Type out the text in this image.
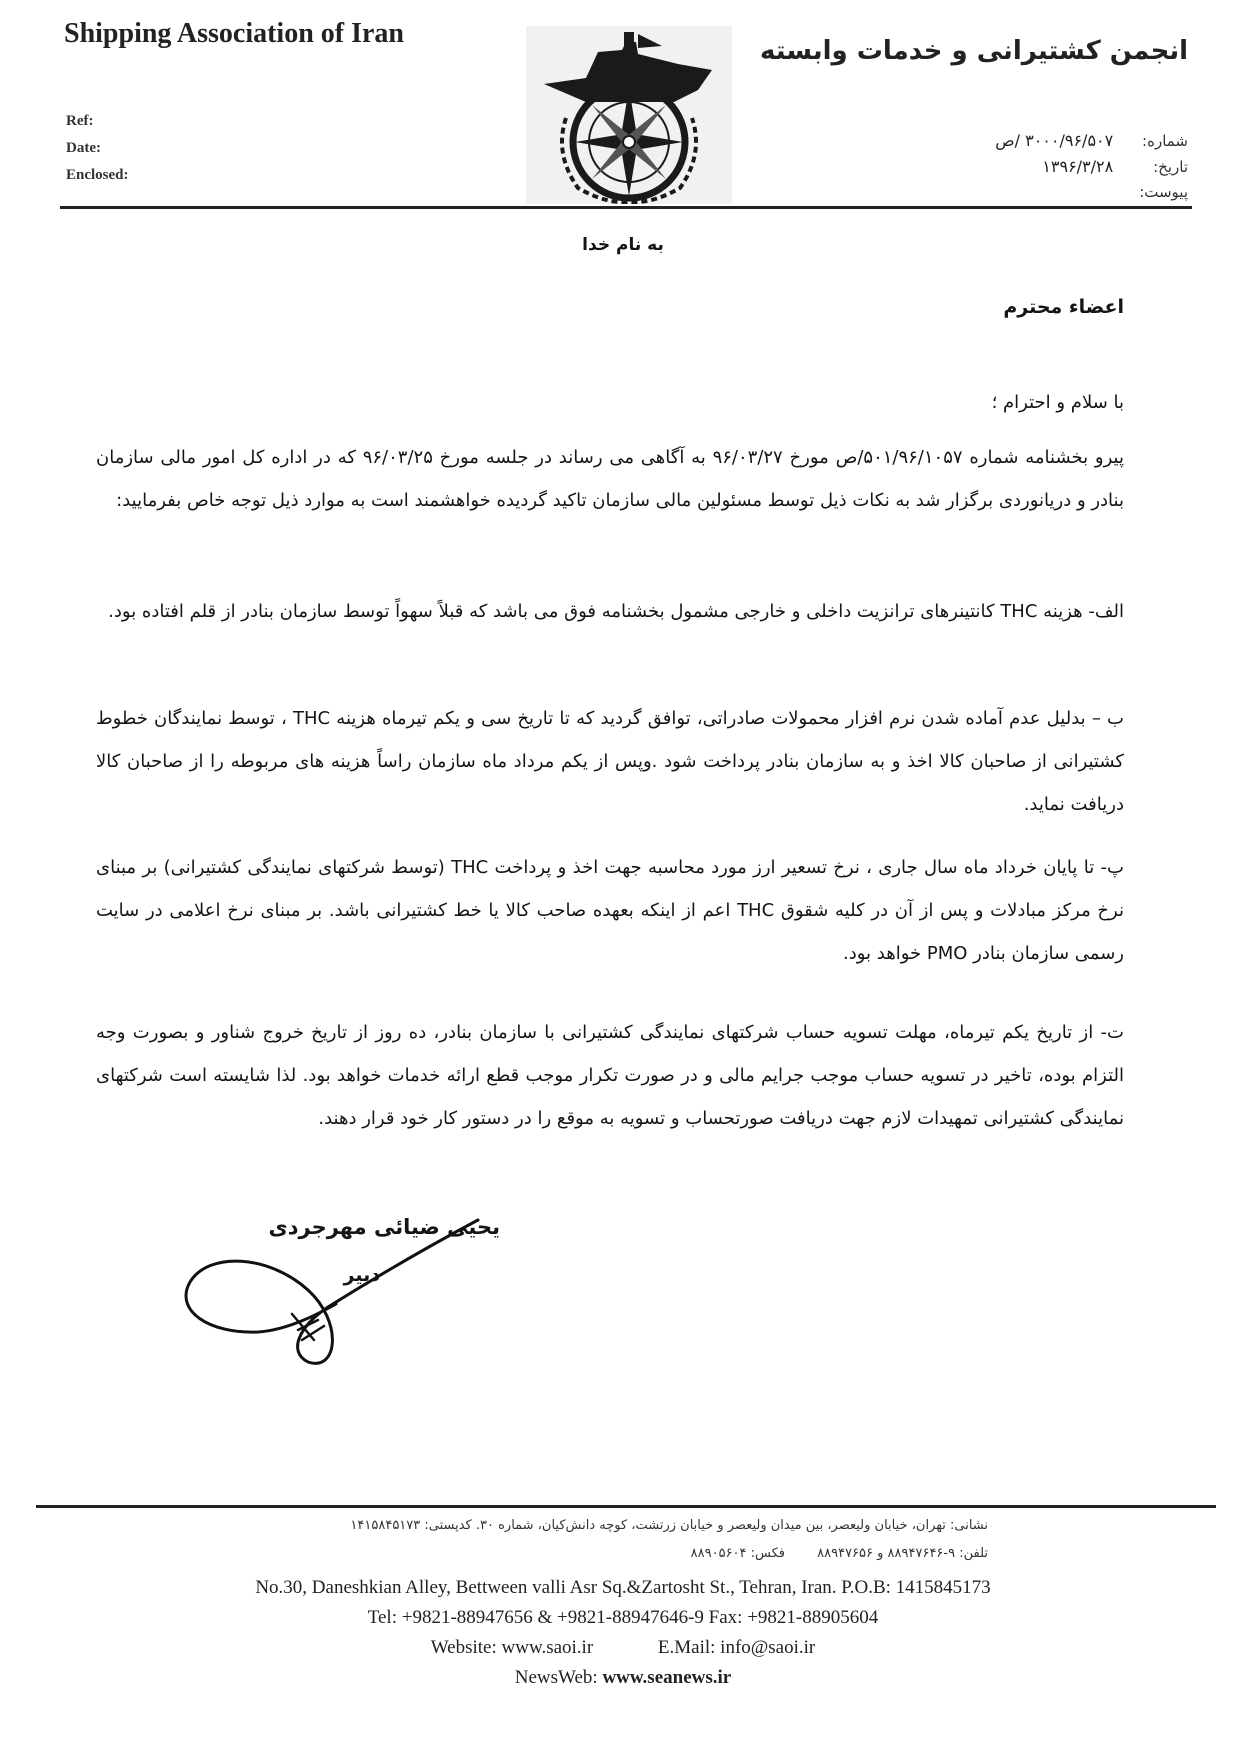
Shipping Association of Iran
انجمن کشتیرانی و خدمات وابسته
Ref:
Date:
Enclosed:
شماره: ۳۰۰۰/۹۶/۵۰۷ /ص
تاریخ: ۱۳۹۶/۳/۲۸
پیوست:
به نام خدا
اعضاء محترم
با سلام و احترام ؛
پیرو بخشنامه شماره ۵۰۱/۹۶/۱۰۵۷/ص مورخ ۹۶/۰۳/۲۷ به آگاهی می رساند در جلسه مورخ ۹۶/۰۳/۲۵ که در اداره کل امور مالی سازمان بنادر و دریانوردی برگزار شد به نکات ذیل توسط مسئولین مالی سازمان تاکید گردیده خواهشمند است به موارد ذیل توجه خاص بفرمایید:
الف- هزینه THC کانتینرهای ترانزیت داخلی و خارجی مشمول بخشنامه فوق می باشد که قبلاً سهواً توسط سازمان بنادر از قلم افتاده بود.
ب – بدلیل عدم آماده شدن نرم افزار محمولات صادراتی، توافق گردید که تا تاریخ سی و یکم تیرماه هزینه THC ، توسط نمایندگان خطوط کشتیرانی از صاحبان کالا اخذ و به سازمان بنادر پرداخت شود .وپس از یکم مرداد ماه سازمان راساً هزینه های مربوطه را از صاحبان کالا دریافت نماید.
پ- تا پایان خرداد ماه سال جاری ، نرخ تسعیر ارز مورد محاسبه جهت اخذ و پرداخت THC (توسط شرکتهای نمایندگی کشتیرانی) بر مبنای نرخ مرکز مبادلات و پس از آن در کلیه شقوق THC اعم از اینکه بعهده صاحب کالا یا خط کشتیرانی باشد. بر مبنای نرخ اعلامی در سایت رسمی سازمان بنادر PMO خواهد بود.
ت- از تاریخ یکم تیرماه، مهلت تسویه حساب شرکتهای نمایندگی کشتیرانی با سازمان بنادر، ده روز از تاریخ خروج شناور و بصورت وجه التزام بوده، تاخیر در تسویه حساب موجب جرایم مالی و در صورت تکرار موجب قطع ارائه خدمات خواهد بود. لذا شایسته است شرکتهای نمایندگی کشتیرانی تمهیدات لازم جهت دریافت صورتحساب و تسویه به موقع را در دستور کار خود قرار دهند.
یحیی ضیائی مهرجردی
دبیر
نشانی: تهران، خیابان ولیعصر، بین میدان ولیعصر و خیابان زرتشت، کوچه دانش‌کیان، شماره ۳۰. کدپستی: ۱۴۱۵۸۴۵۱۷۳
تلفن: ۹-۸۸۹۴۷۶۴۶ و ۸۸۹۴۷۶۵۶ فکس: ۸۸۹۰۵۶۰۴
No.30, Daneshkian Alley, Bettween valli Asr Sq.&Zartosht St., Tehran, Iran. P.O.B: 1415845173
Tel: +9821-88947656 & +9821-88947646-9 Fax: +9821-88905604
Website: www.saoi.ir	E.Mail: info@saoi.ir
NewsWeb: www.seanews.ir
